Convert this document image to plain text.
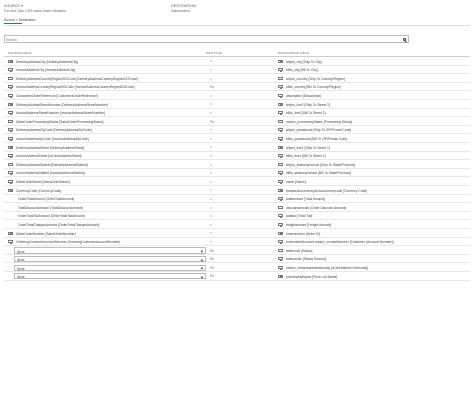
SOURCE
For and Ops CDS sales order Headers
DESTINATION
Salesorders
Source > Destination
Search
SOURCE FIELD	MAP TYPE	DESTINATION FIELD
DeliveryAddressCity [DeliveryAddressCity]	=	shipto_city [Ship To City]
InvoiceAddressCity [InvoiceAddressCity]	=	billto_city [Bill To City]
DeliveryAddressCountryRegionISOCode [DeliveryAddressCountryRegionISOCode]	=	shipto_country [Ship To Country/Region]
InvoiceAddressCountryRegionISOCode [InvoiceAddressCountryRegionISOCode]	Fn	billto_country [Bill To Country/Region]
CustomersOrderReference [CustomersOrderReference]	=	description [Description]
DeliveryAddressStreetNumber [DeliveryAddressStreetNumber]	=	shipto_line2 [Ship To Street 2]
InvoiceAddressStreetNumber [InvoiceAddressStreetNumber]	=	billto_line2 [Bill To Street 2]
SalesOrderProcessingStatus [SalesOrderProcessingStatus]	Fn	msdyn_processingStatus [Processing Status]
DeliveryAddressZipCode [DeliveryAddressZipCode]	=	shipto_postalcode [Ship To ZIP/Postal Code]
InvoiceAddressZipCode [InvoiceAddressZipCode]	=	billto_postalcode [Bill To ZIP/Postal Code]
DeliveryAddressStreet [DeliveryAddressStreet]	=	shipto_line1 [Ship To Street 1]
InvoiceAddressStreet [InvoiceAddressStreet]	=	billto_line1 [Bill To Street 1]
DeliveryAddressStateId [DeliveryAddressStateId]	=	shipto_stateorprovince [Ship To State/Province]
InvoiceAddressStateId [InvoiceAddressStateId]	=	billto_stateorprovince [Bill To State/Province]
SalesOrderName [SalesOrderName]	=	name [Name]
CurrencyCode [CurrencyCode]	=	transactioncurrencyid.isocurrencycode [Currency Code]
OrderTotalAmount [OrderTotalAmount]	=	totalamount [Total Amount]
TotalDiscountAmount [TotalDiscountAmount]	=	discountamount [Order Discount Amount]
OrderTotalTaxAmount [OrderTotalTaxAmount]	=	totaltax [Total Tax]
OrderTotalChargesAmount [OrderTotalChargesAmount]	=	freightamount [Freight Amount]
SalesOrderNumber [SalesOrderNumber]	=	ordernumber [Order ID]
OrderingCustomerAccountNumber [OrderingCustomerAccountNumber]	=	customeridAccount.msdyn_contactNumber [Customer (Account Number)]
None	Fn	statecode [Status]
None	Fn	statuscode [Status Reason]
None	Fn	msdyn_ismaintainedexternally [Is Maintained Externally]
None	Fn	pricelevelidName [Price List Name]
